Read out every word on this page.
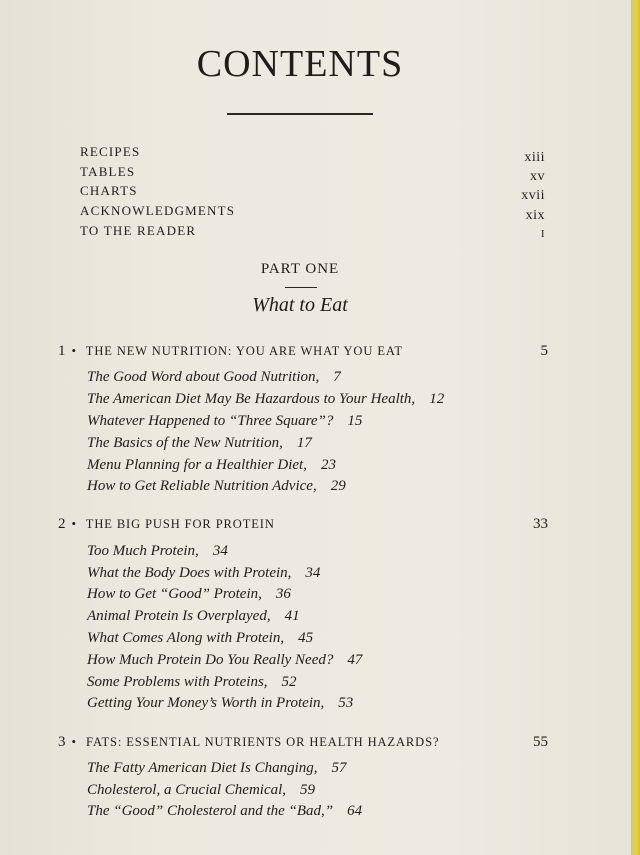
CONTENTS
RECIPES	xiii
TABLES	xv
CHARTS	xvii
ACKNOWLEDGMENTS	xix
TO THE READER	I
PART ONE
What to Eat
1 • THE NEW NUTRITION: YOU ARE WHAT YOU EAT	5
The Good Word about Good Nutrition, 7
The American Diet May Be Hazardous to Your Health, 12
Whatever Happened to “Three Square”? 15
The Basics of the New Nutrition, 17
Menu Planning for a Healthier Diet, 23
How to Get Reliable Nutrition Advice, 29
2 • THE BIG PUSH FOR PROTEIN	33
Too Much Protein, 34
What the Body Does with Protein, 34
How to Get “Good” Protein, 36
Animal Protein Is Overplayed, 41
What Comes Along with Protein, 45
How Much Protein Do You Really Need? 47
Some Problems with Proteins, 52
Getting Your Money’s Worth in Protein, 53
3 • FATS: ESSENTIAL NUTRIENTS OR HEALTH HAZARDS?	55
The Fatty American Diet Is Changing, 57
Cholesterol, a Crucial Chemical, 59
The “Good” Cholesterol and the “Bad,” 64
